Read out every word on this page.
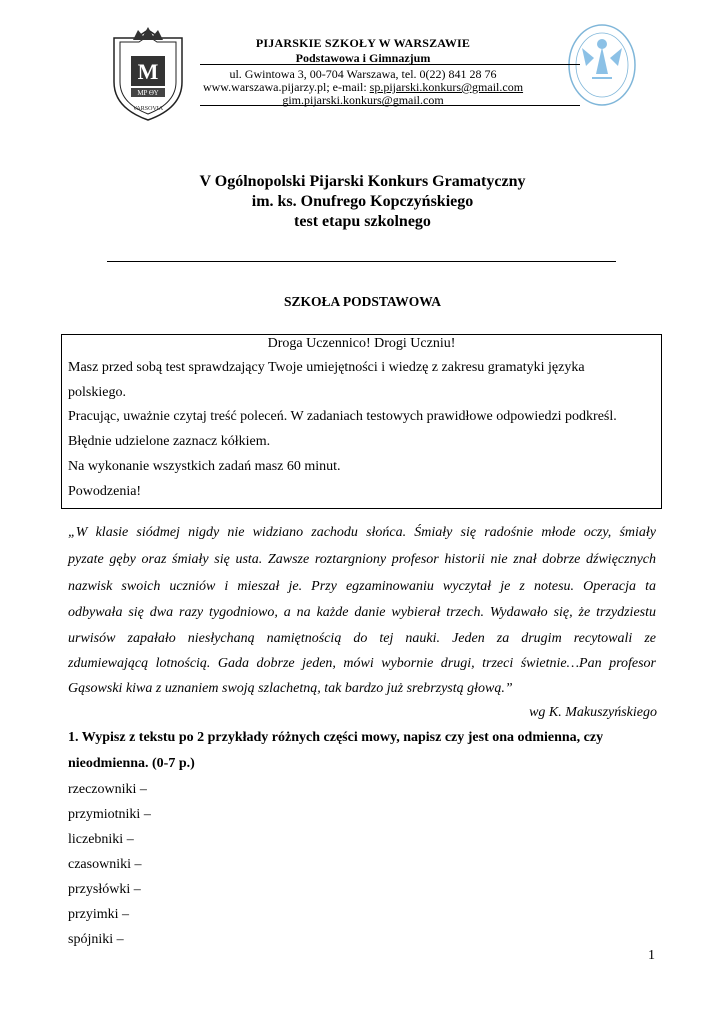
M
MP ΘΥ
VARSOVIA
PIJARSKIE SZKOŁY W WARSZAWIE
Podstawowa i Gimnazjum
ul. Gwintowa 3, 00-704 Warszawa, tel. 0(22) 841 28 76
www.warszawa.pijarzy.pl; e-mail: sp.pijarski.konkurs@gmail.com
gim.pijarski.konkurs@gmail.com
V Ogólnopolski Pijarski Konkurs Gramatyczny
im. ks. Onufrego Kopczyńskiego
test etapu szkolnego
SZKOŁA PODSTAWOWA
Droga Uczennico! Drogi Uczniu!
Masz przed sobą test sprawdzający Twoje umiejętności i wiedzę z zakresu gramatyki języka
polskiego.
Pracując, uważnie czytaj treść poleceń. W zadaniach testowych prawidłowe odpowiedzi podkreśl.
Błędnie udzielone zaznacz kółkiem.
Na wykonanie wszystkich zadań masz 60 minut.
Powodzenia!
„W klasie siódmej nigdy nie widziano zachodu słońca. Śmiały się radośnie młode oczy, śmiały
pyzate gęby oraz śmiały się usta. Zawsze roztargniony profesor historii nie znał dobrze dźwięcznych
nazwisk swoich uczniów i mieszał je. Przy egzaminowaniu wyczytał je z notesu. Operacja ta
odbywała się dwa razy tygodniowo, a na każde danie wybierał trzech. Wydawało się, że trzydziestu
urwisów zapałało niesłychaną namiętnością do tej nauki. Jeden za drugim recytowali ze
zdumiewającą lotnością. Gada dobrze jeden, mówi wybornie drugi, trzeci świetnie…Pan profesor
Gąsowski kiwa z uznaniem swoją szlachetną, tak bardzo już srebrzystą głową.”
wg K. Makuszyńskiego
1. Wypisz z tekstu po 2 przykłady różnych części mowy, napisz czy jest ona odmienna, czy
nieodmienna. (0-7 p.)
rzeczowniki –
przymiotniki –
liczebniki –
czasowniki –
przysłówki –
przyimki –
spójniki –
1
